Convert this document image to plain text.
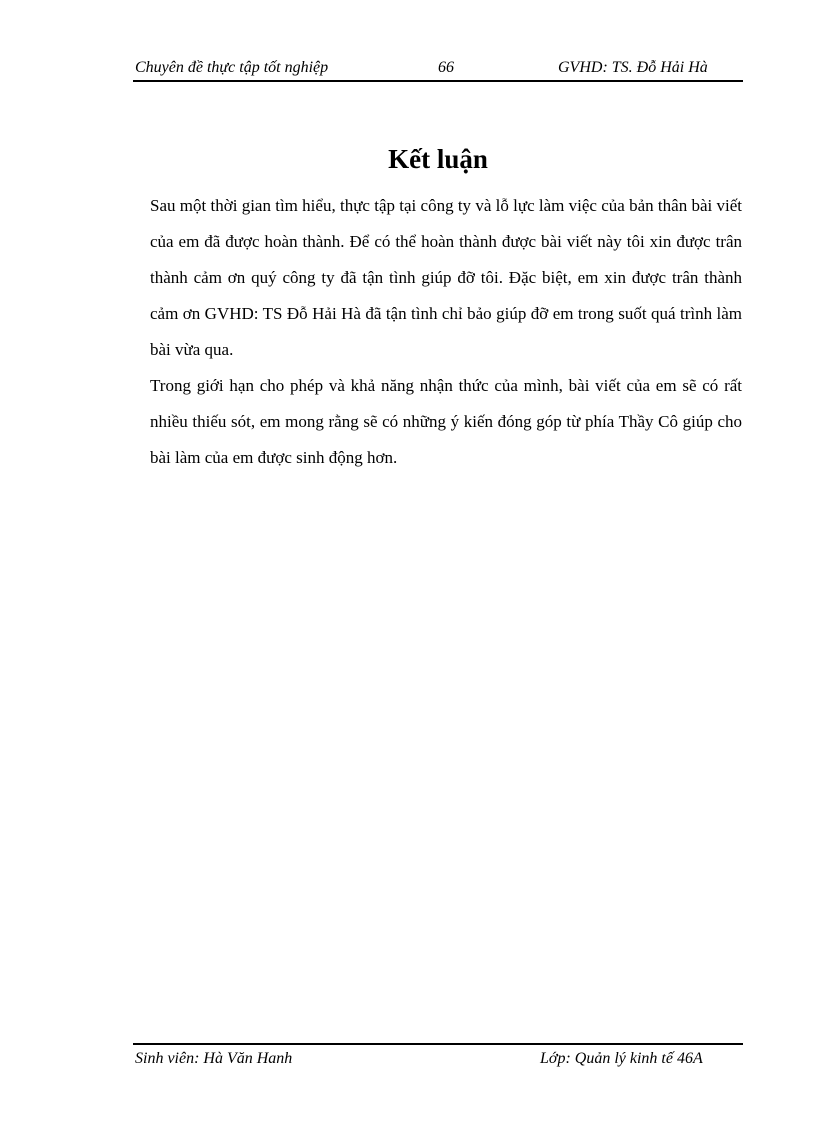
Chuyên đề thực tập tốt nghiệp	66	GVHD: TS. Đỗ Hải Hà
Kết luận

Sau một thời gian tìm hiểu, thực tập tại công ty và lỗ lực làm việc của bản thân bài viết của em đã được hoàn thành. Để có thể hoàn thành được bài viết này tôi xin được trân thành cảm ơn quý công ty đã tận tình giúp đỡ tôi. Đặc biệt, em xin được trân thành cảm ơn GVHD: TS Đỗ Hải Hà đã tận tình chỉ bảo giúp đỡ em trong suốt quá trình làm bài vừa qua.

Trong giới hạn cho phép và khả năng nhận thức của mình, bài viết của em sẽ có rất nhiều thiếu sót, em mong rằng sẽ có những ý kiến đóng góp từ phía Thầy Cô giúp cho bài làm của em được sinh động hơn.

Sinh viên: Hà Văn Hanh	Lớp: Quản lý kinh tế 46A
